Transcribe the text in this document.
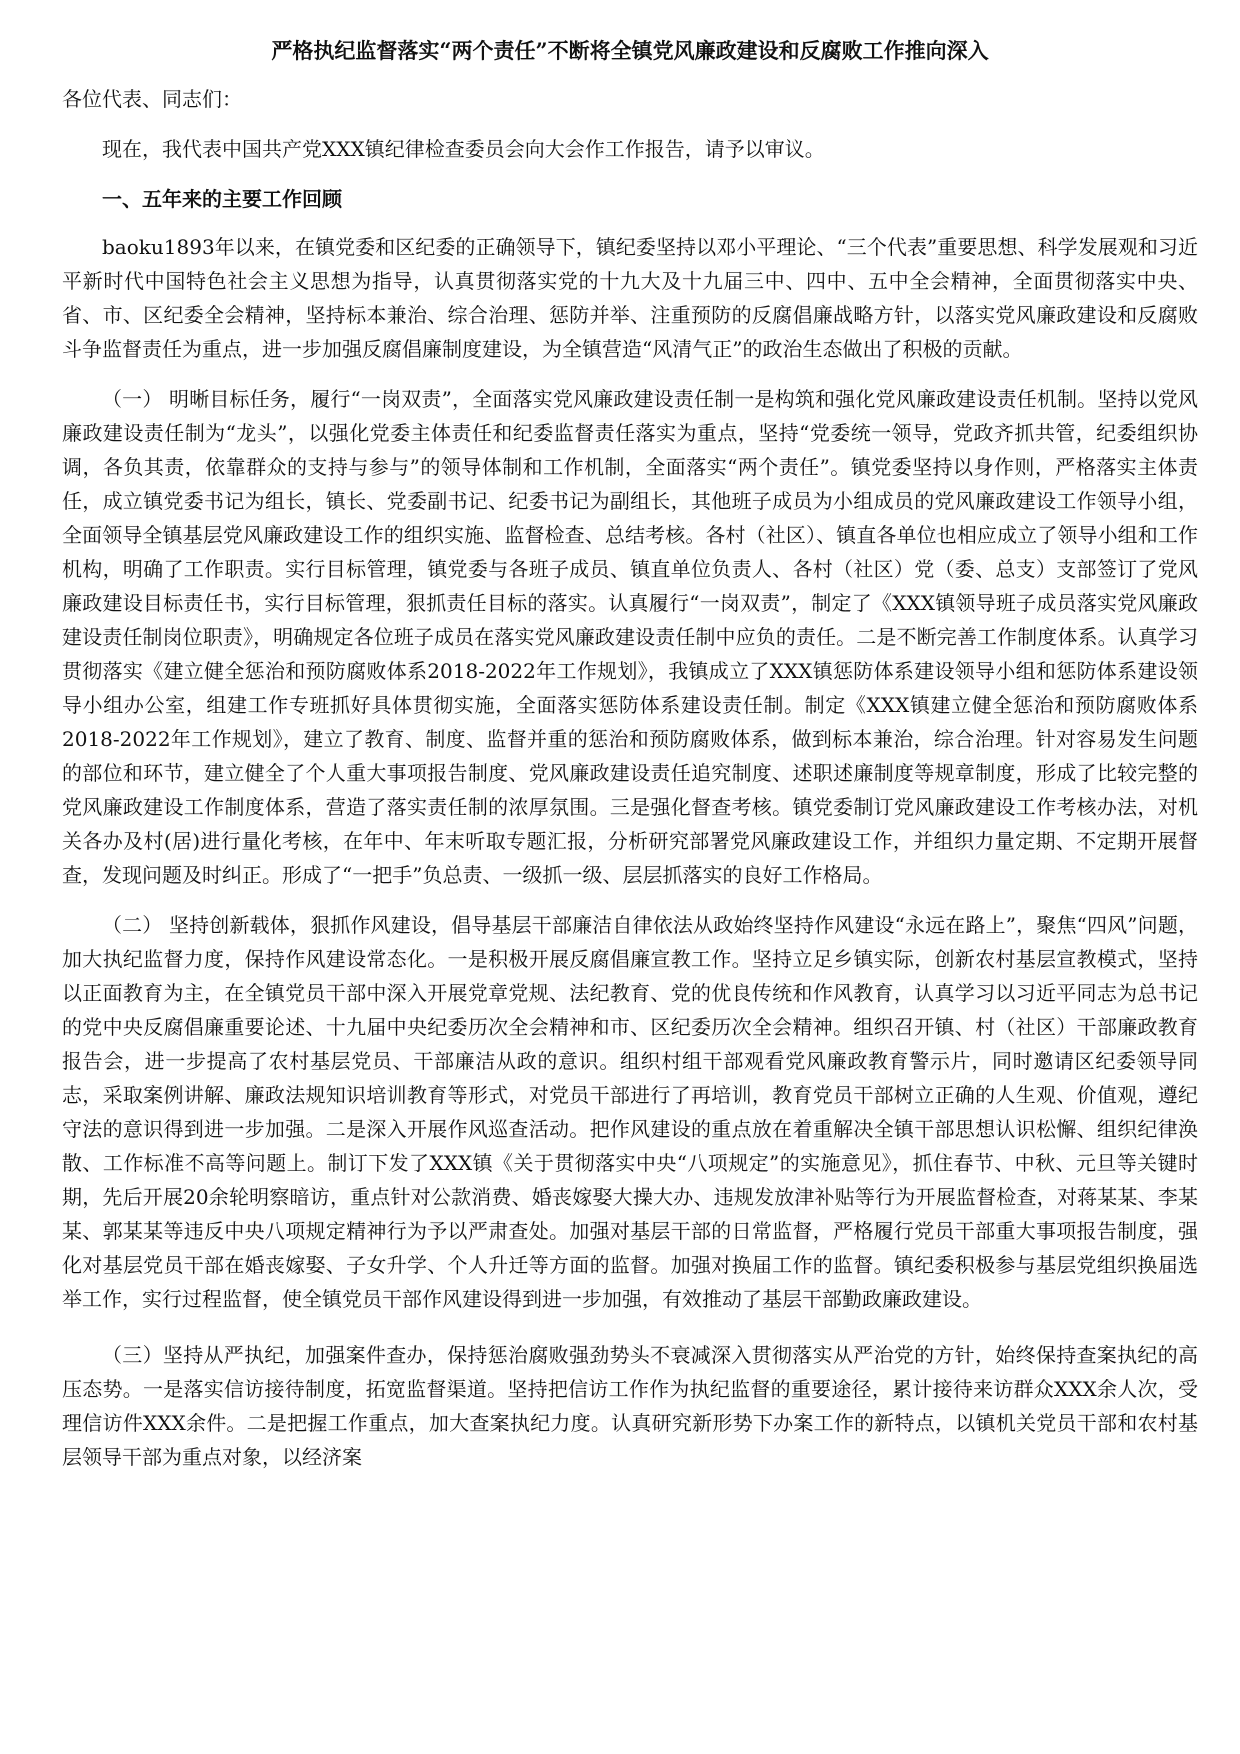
严格执纪监督落实“两个责任”不断将全镇党风廉政建设和反腐败工作推向深入
各位代表、同志们：
现在，我代表中国共产党XXX镇纪律检查委员会向大会作工作报告，请予以审议。
一、五年来的主要工作回顾
baoku1893年以来，在镇党委和区纪委的正确领导下，镇纪委坚持以邓小平理论、“三个代表”重要思想、科学发展观和习近平新时代中国特色社会主义思想为指导，认真贯彻落实党的十九大及十九届三中、四中、五中全会精神，全面贯彻落实中央、省、市、区纪委全会精神，坚持标本兼治、综合治理、惩防并举、注重预防的反腐倡廉战略方针，以落实党风廉政建设和反腐败斗争监督责任为重点，进一步加强反腐倡廉制度建设，为全镇营造“风清气正”的政治生态做出了积极的贡献。
（一） 明晰目标任务，履行“一岗双责”，全面落实党风廉政建设责任制一是构筑和强化党风廉政建设责任机制。坚持以党风廉政建设责任制为“龙头”，以强化党委主体责任和纪委监督责任落实为重点，坚持“党委统一领导，党政齐抓共管，纪委组织协调，各负其责，依靠群众的支持与参与”的领导体制和工作机制，全面落实“两个责任”。镇党委坚持以身作则，严格落实主体责任，成立镇党委书记为组长，镇长、党委副书记、纪委书记为副组长，其他班子成员为小组成员的党风廉政建设工作领导小组，全面领导全镇基层党风廉政建设工作的组织实施、监督检查、总结考核。各村（社区）、镇直各单位也相应成立了领导小组和工作机构，明确了工作职责。实行目标管理，镇党委与各班子成员、镇直单位负责人、各村（社区）党（委、总支）支部签订了党风廉政建设目标责任书，实行目标管理，狠抓责任目标的落实。认真履行“一岗双责”，制定了《XXX镇领导班子成员落实党风廉政建设责任制岗位职责》，明确规定各位班子成员在落实党风廉政建设责任制中应负的责任。二是不断完善工作制度体系。认真学习贯彻落实《建立健全惩治和预防腐败体系2018-2022年工作规划》，我镇成立了XXX镇惩防体系建设领导小组和惩防体系建设领导小组办公室，组建工作专班抓好具体贯彻实施，全面落实惩防体系建设责任制。制定《XXX镇建立健全惩治和预防腐败体系2018-2022年工作规划》，建立了教育、制度、监督并重的惩治和预防腐败体系，做到标本兼治，综合治理。针对容易发生问题的部位和环节，建立健全了个人重大事项报告制度、党风廉政建设责任追究制度、述职述廉制度等规章制度，形成了比较完整的党风廉政建设工作制度体系，营造了落实责任制的浓厚氛围。三是强化督查考核。镇党委制订党风廉政建设工作考核办法，对机关各办及村(居)进行量化考核，在年中、年末听取专题汇报，分析研究部署党风廉政建设工作，并组织力量定期、不定期开展督查，发现问题及时纠正。形成了“一把手”负总责、一级抓一级、层层抓落实的良好工作格局。
（二） 坚持创新载体，狠抓作风建设，倡导基层干部廉洁自律依法从政始终坚持作风建设“永远在路上”，聚焦“四风”问题，加大执纪监督力度，保持作风建设常态化。一是积极开展反腐倡廉宣教工作。坚持立足乡镇实际，创新农村基层宣教模式，坚持以正面教育为主，在全镇党员干部中深入开展党章党规、法纪教育、党的优良传统和作风教育，认真学习以习近平同志为总书记的党中央反腐倡廉重要论述、十九届中央纪委历次全会精神和市、区纪委历次全会精神。组织召开镇、村（社区）干部廉政教育报告会，进一步提高了农村基层党员、干部廉洁从政的意识。组织村组干部观看党风廉政教育警示片，同时邀请区纪委领导同志，采取案例讲解、廉政法规知识培训教育等形式，对党员干部进行了再培训，教育党员干部树立正确的人生观、价值观，遵纪守法的意识得到进一步加强。二是深入开展作风巡查活动。把作风建设的重点放在着重解决全镇干部思想认识松懈、组织纪律涣散、工作标准不高等问题上。制订下发了XXX镇《关于贯彻落实中央“八项规定”的实施意见》，抓住春节、中秋、元旦等关键时期，先后开展20余轮明察暗访，重点针对公款消费、婚丧嫁娶大操大办、违规发放津补贴等行为开展监督检查，对蒋某某、李某某、郭某某等违反中央八项规定精神行为予以严肃查处。加强对基层干部的日常监督，严格履行党员干部重大事项报告制度，强化对基层党员干部在婚丧嫁娶、子女升学、个人升迁等方面的监督。加强对换届工作的监督。镇纪委积极参与基层党组织换届选举工作，实行过程监督，使全镇党员干部作风建设得到进一步加强，有效推动了基层干部勤政廉政建设。
（三）坚持从严执纪，加强案件查办，保持惩治腐败强劲势头不衰减深入贯彻落实从严治党的方针，始终保持查案执纪的高压态势。一是落实信访接待制度，拓宽监督渠道。坚持把信访工作作为执纪监督的重要途径，累计接待来访群众XXX余人次，受理信访件XXX余件。二是把握工作重点，加大查案执纪力度。认真研究新形势下办案工作的新特点，以镇机关党员干部和农村基层领导干部为重点对象，以经济案
